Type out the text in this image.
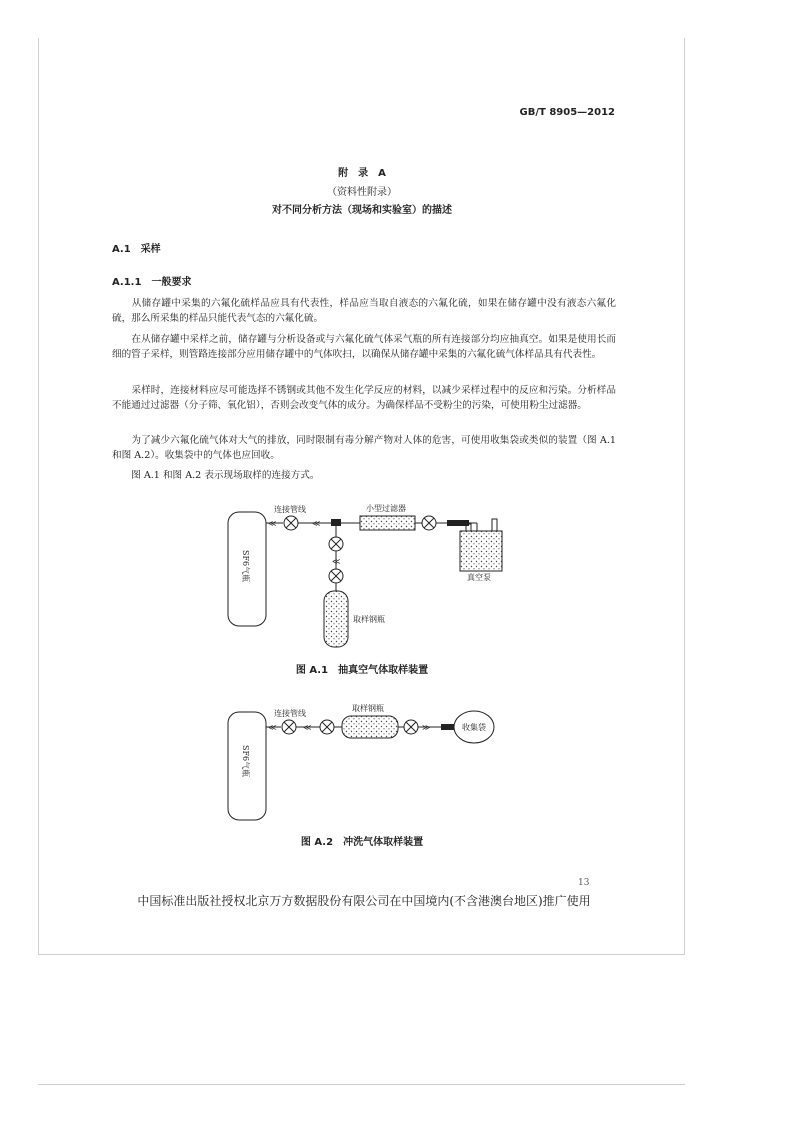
GB/T 8905—2012
附　录　A
（资料性附录）
对不同分析方法（现场和实验室）的描述
A.1　采样
A.1.1　一般要求
　　从储存罐中采集的六氟化硫样品应具有代表性，样品应当取自液态的六氟化硫，如果在储存罐中没有液态六氟化硫，那么所采集的样品只能代表气态的六氟化硫。
　　在从储存罐中采样之前，储存罐与分析设备或与六氟化硫气体采气瓶的所有连接部分均应抽真空。如果是使用长而细的管子采样，则管路连接部分应用储存罐中的气体吹扫，以确保从储存罐中采集的六氟化硫气体样品具有代表性。
　　采样时，连接材料应尽可能选择不锈钢或其他不发生化学反应的材料，以减少采样过程中的反应和污染。分析样品不能通过过滤器（分子筛、氧化铝），否则会改变气体的成分。为确保样品不受粉尘的污染，可使用粉尘过滤器。
　　为了减少六氟化硫气体对大气的排放，同时限制有毒分解产物对人体的危害，可使用收集袋或类似的装置（图 A.1 和图 A.2）。收集袋中的气体也应回收。
　　图 A.1 和图 A.2 表示现场取样的连接方式。
SF6气瓶
≪
连接管线
≪
小型过滤器
真空泵
≪
取样钢瓶
SF6气瓶
≪
连接管线
≪
取样钢瓶
≫	收集袋
图 A.1　抽真空气体取样装置
图 A.2　冲洗气体取样装置
13
中国标准出版社授权北京万方数据股份有限公司在中国境内(不含港澳台地区)推广使用
